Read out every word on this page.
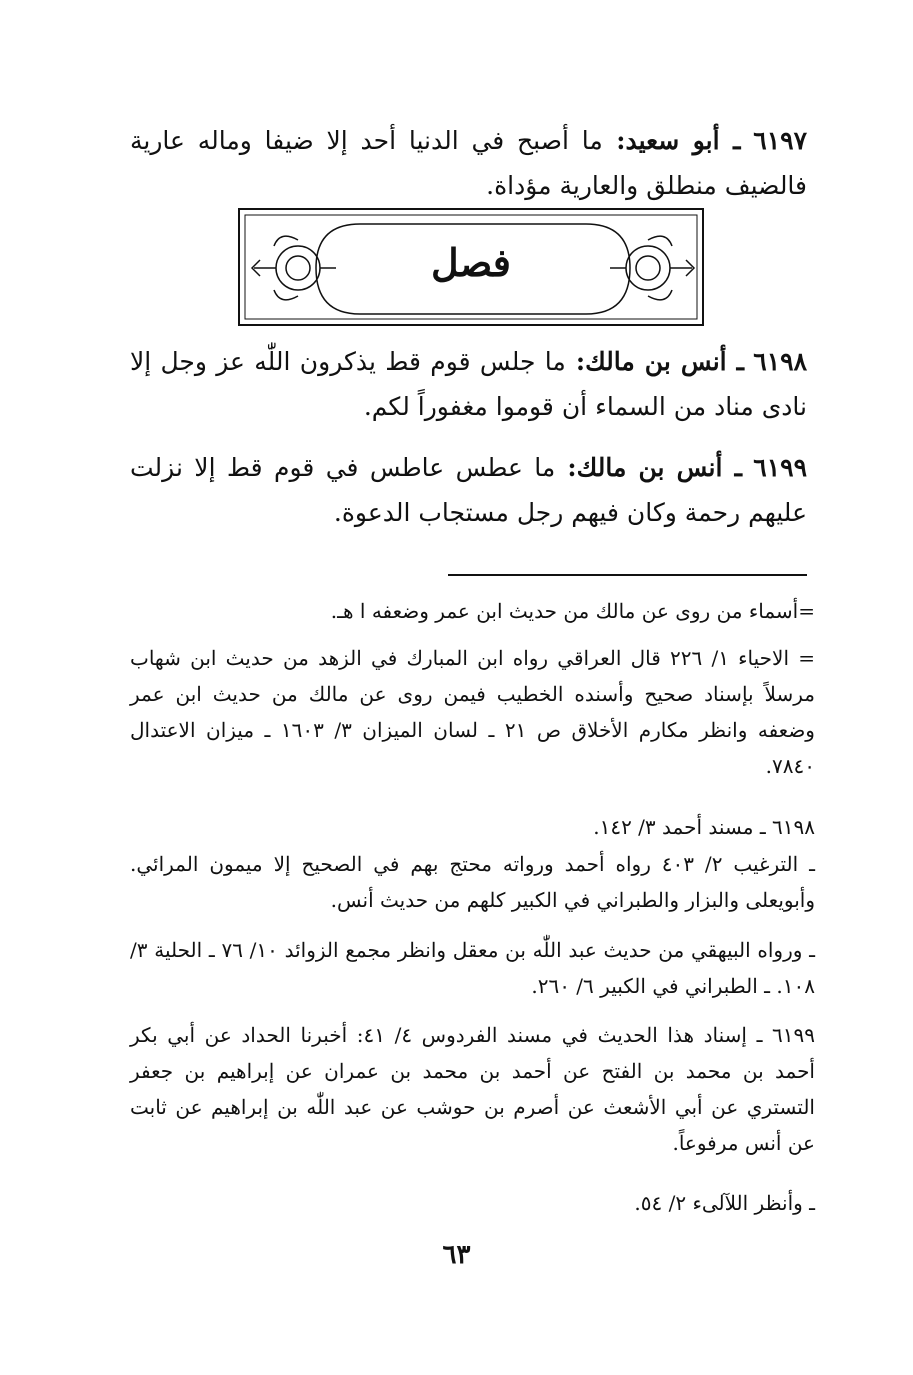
٦١٩٧ ـ أبو سعيد: ما أصبح في الدنيا أحد إلا ضيفا وماله عارية فالضيف منطلق والعارية مؤداة.
فصل
٦١٩٨ ـ أنس بن مالك: ما جلس قوم قط يذكرون اللّٰه عز وجل إلا نادى مناد من السماء أن قوموا مغفوراً لكم.
٦١٩٩ ـ أنس بن مالك: ما عطس عاطس في قوم قط إلا نزلت عليهم رحمة وكان فيهم رجل مستجاب الدعوة.
=أسماء من روى عن مالك من حديث ابن عمر وضعفه ا هـ.
= الاحياء ١/ ٢٢٦ قال العراقي رواه ابن المبارك في الزهد من حديث ابن شهاب مرسلاً بإسناد صحيح وأسنده الخطيب فيمن روى عن مالك من حديث ابن عمر وضعفه وانظر مكارم الأخلاق ص ٢١ ـ لسان الميزان ٣/ ١٦٠٣ ـ ميزان الاعتدال ٧٨٤٠.
٦١٩٨ ـ مسند أحمد ٣/ ١٤٢.
ـ الترغيب ٢/ ٤٠٣ رواه أحمد ورواته محتج بهم في الصحيح إلا ميمون المرائي. وأبويعلى والبزار والطبراني في الكبير كلهم من حديث أنس.
ـ ورواه البيهقي من حديث عبد اللّٰه بن معقل وانظر مجمع الزوائد ١٠/ ٧٦ ـ الحلية ٣/ ١٠٨. ـ الطبراني في الكبير ٦/ ٢٦٠.
٦١٩٩ ـ إسناد هذا الحديث في مسند الفردوس ٤/ ٤١: أخبرنا الحداد عن أبي بكر أحمد بن محمد بن الفتح عن أحمد بن محمد بن عمران عن إبراهيم بن جعفر التستري عن أبي الأشعث عن أصرم بن حوشب عن عبد اللّٰه بن إبراهيم عن ثابت عن أنس مرفوعاً.
ـ وأنظر اللآلىء ٢/ ٥٤.
٦٣
